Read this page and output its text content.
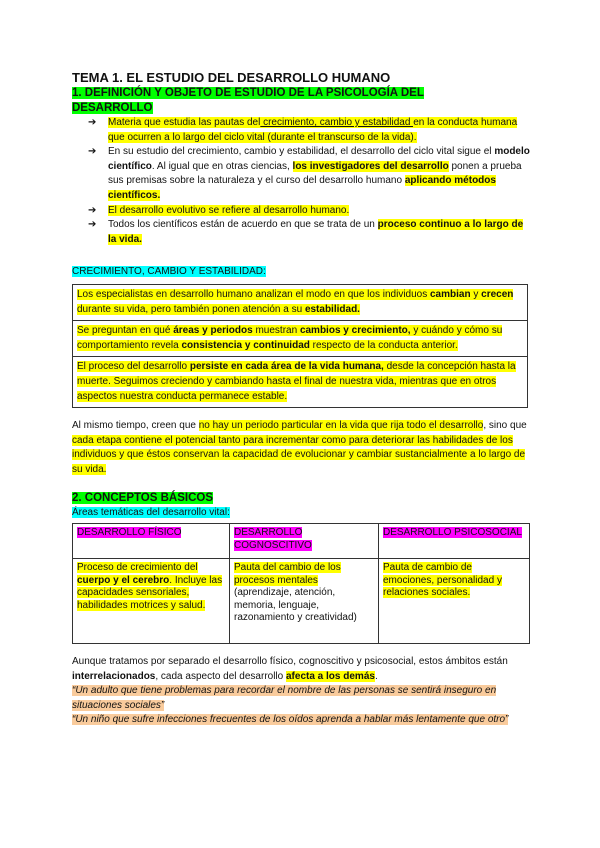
TEMA 1. EL ESTUDIO DEL DESARROLLO HUMANO
1. DEFINICIÓN Y OBJETO DE ESTUDIO DE LA PSICOLOGÍA DEL
DESARROLLO
➔ Materia que estudia las pautas del crecimiento, cambio y estabilidad en la conducta humana que ocurren a lo largo del ciclo vital (durante el transcurso de la vida).
➔ En su estudio del crecimiento, cambio y estabilidad, el desarrollo del ciclo vital sigue el modelo científico. Al igual que en otras ciencias, los investigadores del desarrollo ponen a prueba sus premisas sobre la naturaleza y el curso del desarrollo humano aplicando métodos científicos.
➔ El desarrollo evolutivo se refiere al desarrollo humano.
➔ Todos los científicos están de acuerdo en que se trata de un proceso continuo a lo largo de la vida.
CRECIMIENTO, CAMBIO Y ESTABILIDAD:
Los especialistas en desarrollo humano analizan el modo en que los individuos cambian y crecen durante su vida, pero también ponen atención a su estabilidad.
Se preguntan en qué áreas y periodos muestran cambios y crecimiento, y cuándo y cómo su comportamiento revela consistencia y continuidad respecto de la conducta anterior.
El proceso del desarrollo persiste en cada área de la vida humana, desde la concepción hasta la muerte. Seguimos creciendo y cambiando hasta el final de nuestra vida, mientras que en otros aspectos nuestra conducta permanece estable.

Al mismo tiempo, creen que no hay un periodo particular en la vida que rija todo el desarrollo, sino que cada etapa contiene el potencial tanto para incrementar como para deteriorar las habilidades de los individuos y que éstos conservan la capacidad de evolucionar y cambiar sustancialmente a lo largo de su vida.

2. CONCEPTOS BÁSICOS
Áreas temáticas del desarrollo vital:
DESARROLLO FÍSICO	DESARROLLO COGNOSCITIVO	DESARROLLO PSICOSOCIAL
Proceso de crecimiento del cuerpo y el cerebro. Incluye las capacidades sensoriales, habilidades motrices y salud.	Pauta del cambio de los procesos mentales (aprendizaje, atención, memoria, lenguaje, razonamiento y creatividad)	Pauta de cambio de emociones, personalidad y relaciones sociales.

Aunque tratamos por separado el desarrollo físico, cognoscitivo y psicosocial, estos ámbitos están interrelacionados, cada aspecto del desarrollo afecta a los demás.

“Un adulto que tiene problemas para recordar el nombre de las personas se sentirá inseguro en situaciones sociales”

“Un niño que sufre infecciones frecuentes de los oídos aprenda a hablar más lentamente que otro”
